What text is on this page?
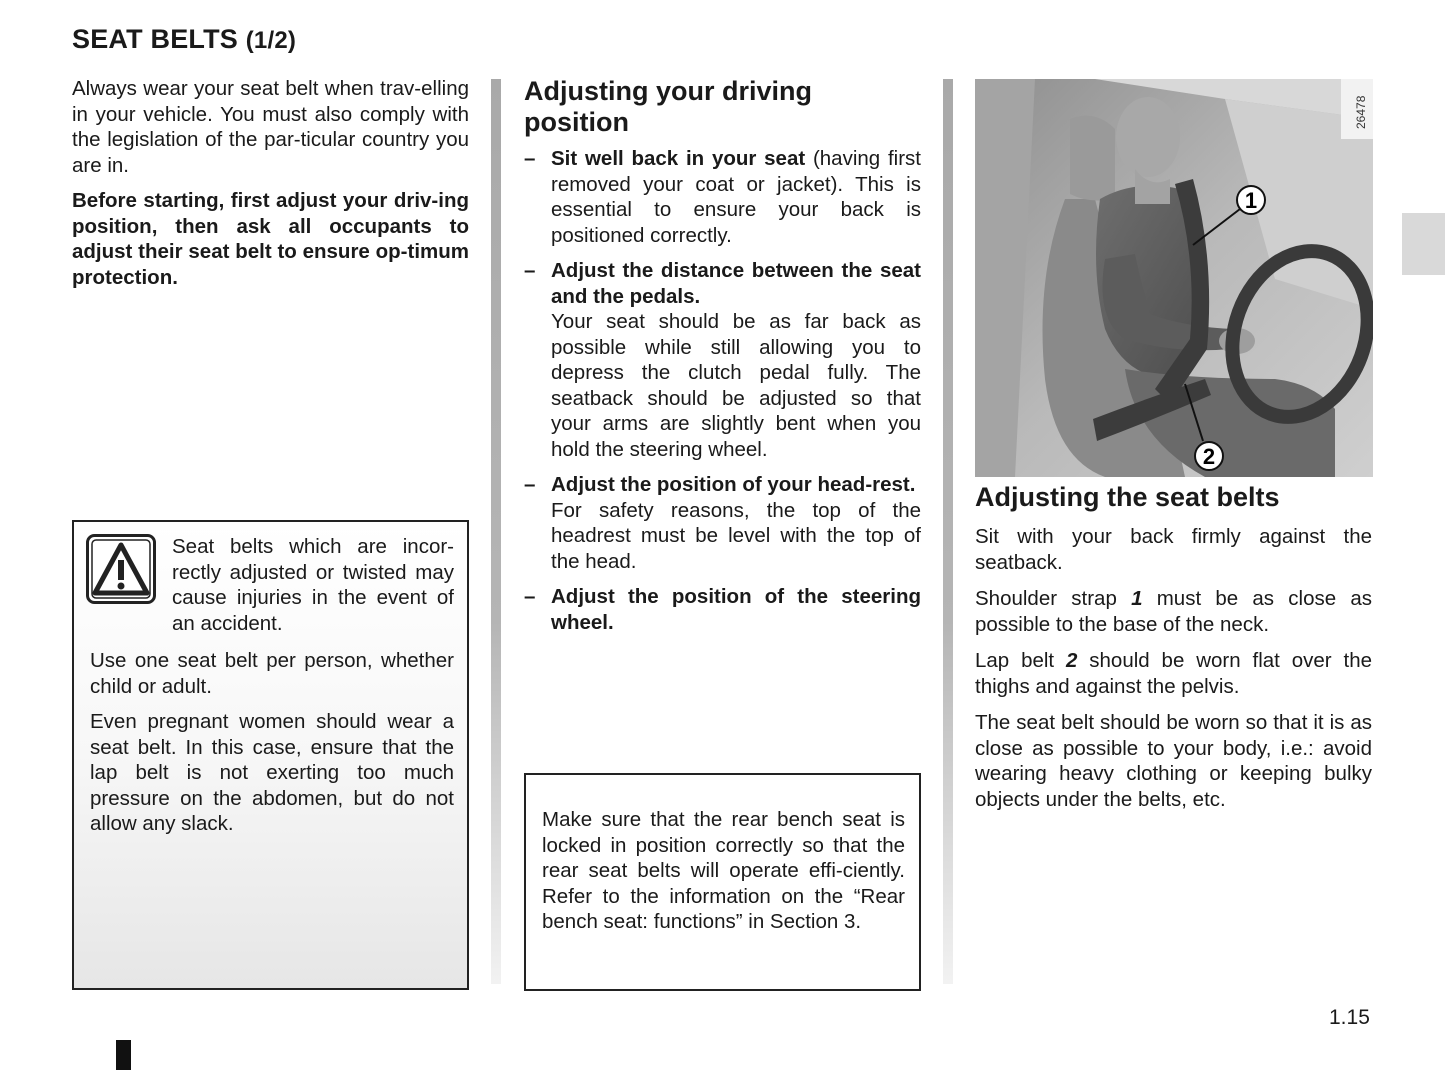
SEAT BELTS (1/2)

Always wear your seat belt when trav-elling in your vehicle. You must also comply with the legislation of the par-ticular country you are in.

Before starting, first adjust your driv-ing position, then ask all occupants to adjust their seat belt to ensure op-timum protection.

Seat belts which are incor-rectly adjusted or twisted may cause injuries in the event of an accident.

Use one seat belt per person, whether child or adult.

Even pregnant women should wear a seat belt. In this case, ensure that the lap belt is not exerting too much pressure on the abdomen, but do not allow any slack.

Adjusting your driving position
– Sit well back in your seat (having first removed your coat or jacket). This is essential to ensure your back is positioned correctly.
– Adjust the distance between the seat and the pedals.
Your seat should be as far back as possible while still allowing you to depress the clutch pedal fully. The seatback should be adjusted so that your arms are slightly bent when you hold the steering wheel.
– Adjust the position of your head-rest.
For safety reasons, the top of the headrest must be level with the top of the head.
– Adjust the position of the steering wheel.

Make sure that the rear bench seat is locked in position correctly so that the rear seat belts will operate effi-ciently. Refer to the information on the “Rear bench seat: functions” in Section 3.

26478
1
2
Adjusting the seat belts

Sit with your back firmly against the seatback.

Shoulder strap 1 must be as close as possible to the base of the neck.

Lap belt 2 should be worn flat over the thighs and against the pelvis.

The seat belt should be worn so that it is as close as possible to your body, i.e.: avoid wearing heavy clothing or keeping bulky objects under the belts, etc.

1.15
